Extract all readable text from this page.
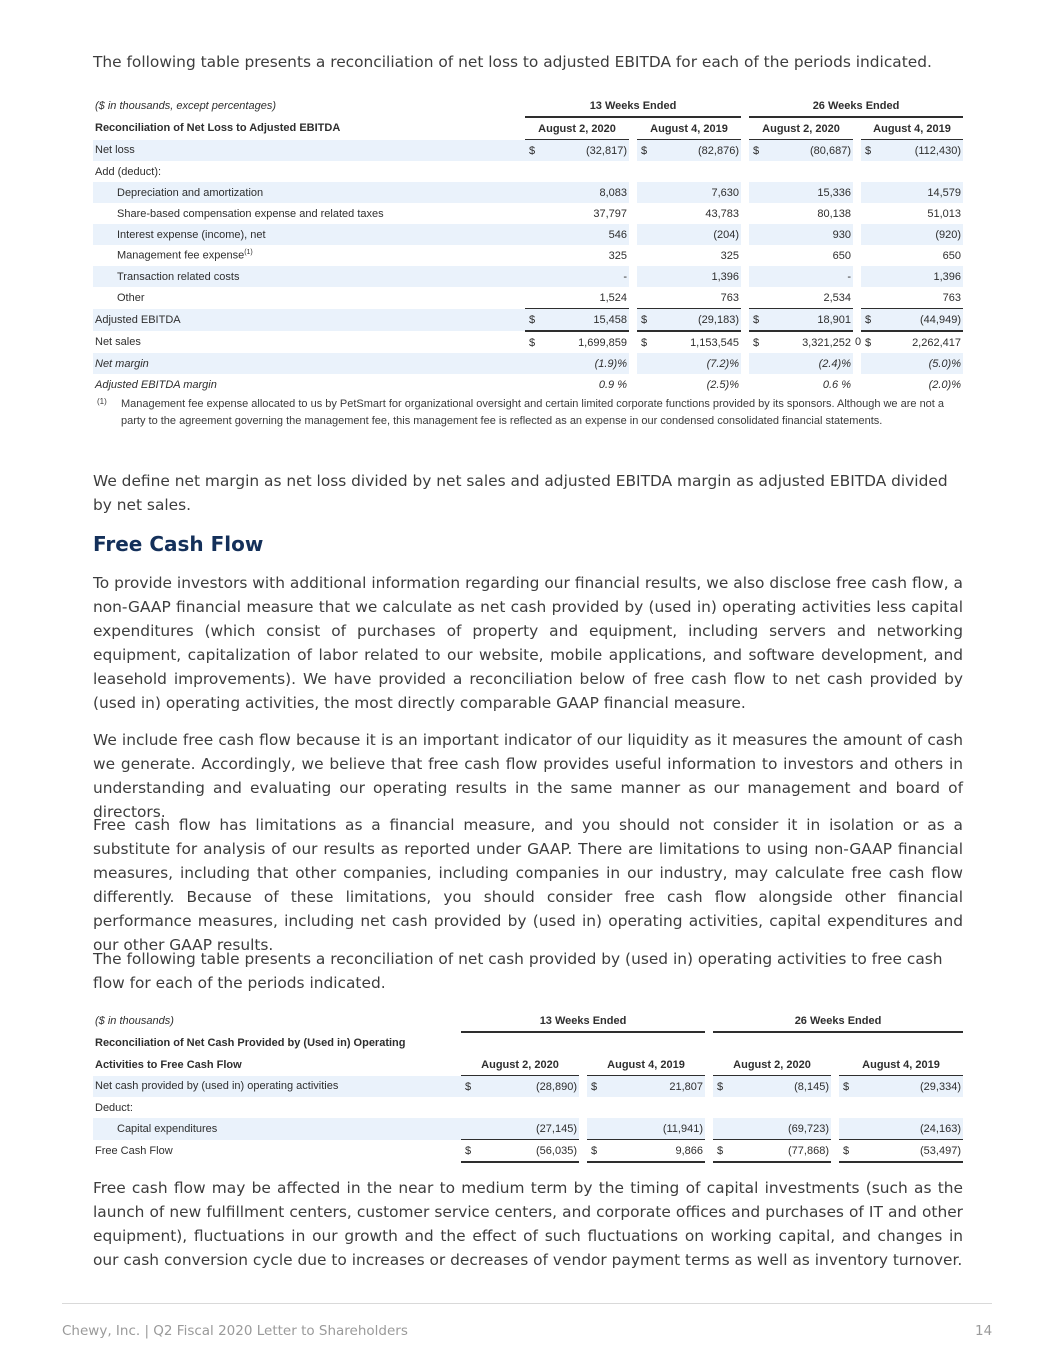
The following table presents a reconciliation of net loss to adjusted EBITDA for each of the periods indicated.

($ in thousands, except percentages)	13 Weeks Ended						26 Weeks Ended				
Reconciliation of Net Loss to Adjusted EBITDA	August 2, 2020			August 4, 2019			August 2, 2020			August 4, 2019	
Net loss	$	(32,817)		$	(82,876)		$	(80,687)		$	(112,430)
Add (deduct):											
Depreciation and amortization		8,083			7,630			15,336			14,579
Share-based compensation expense and related taxes		37,797			43,783			80,138			51,013
Interest expense (income), net		546			(204)			930			(920)
Management fee expense$^{(1)}$		325			325			650			650
Transaction related costs		-			1,396			-			1,396
Other		1,524			763			2,534			763
Adjusted EBITDA	$	15,458		$	(29,183)		$	18,901		$	(44,949)
Net sales	$	1,699,859		$	1,153,545		$	3,321,252	0	$	2,262,417
Net margin		(1.9)%			(7.2)%			(2.4)%			(5.0)%
Adjusted EBITDA margin		0.9 %			(2.5)%			0.6 %			(2.0)%
(1) Management fee expense allocated to us by PetSmart for organizational oversight and certain limited corporate functions provided by its sponsors. Although we are not a party to the agreement governing the management fee, this management fee is reflected as an expense in our condensed consolidated financial statements.

We define net margin as net loss divided by net sales and adjusted EBITDA margin as adjusted EBITDA divided by net sales.

Free Cash Flow

To provide investors with additional information regarding our financial results, we also disclose free cash flow, a non-GAAP financial measure that we calculate as net cash provided by (used in) operating activities less capital expenditures (which consist of purchases of property and equipment, including servers and networking equipment, capitalization of labor related to our website, mobile applications, and software development, and leasehold improvements). We have provided a reconciliation below of free cash flow to net cash provided by (used in) operating activities, the most directly comparable GAAP financial measure.

We include free cash flow because it is an important indicator of our liquidity as it measures the amount of cash we generate. Accordingly, we believe that free cash flow provides useful information to investors and others in understanding and evaluating our operating results in the same manner as our management and board of directors.

Free cash flow has limitations as a financial measure, and you should not consider it in isolation or as a substitute for analysis of our results as reported under GAAP. There are limitations to using non-GAAP financial measures, including that other companies, including companies in our industry, may calculate free cash flow differently. Because of these limitations, you should consider free cash flow alongside other financial performance measures, including net cash provided by (used in) operating activities, capital expenditures and our other GAAP results.

The following table presents a reconciliation of net cash provided by (used in) operating activities to free cash flow for each of the periods indicated.

($ in thousands)	13 Weeks Ended						26 Weeks Ended				
Reconciliation of Net Cash Provided by (Used in) Operating											
Activities to Free Cash Flow	August 2, 2020			August 4, 2019			August 2, 2020			August 4, 2019	
Net cash provided by (used in) operating activities	$	(28,890)		$	21,807		$	(8,145)		$	(29,334)
Deduct:											
Capital expenditures		(27,145)			(11,941)			(69,723)			(24,163)
Free Cash Flow	$	(56,035)		$	9,866		$	(77,868)		$	(53,497)

Free cash flow may be affected in the near to medium term by the timing of capital investments (such as the launch of new fulfillment centers, customer service centers, and corporate offices and purchases of IT and other equipment), fluctuations in our growth and the effect of such fluctuations on working capital, and changes in our cash conversion cycle due to increases or decreases of vendor payment terms as well as inventory turnover.

Chewy, Inc. | Q2 Fiscal 2020 Letter to Shareholders	14
